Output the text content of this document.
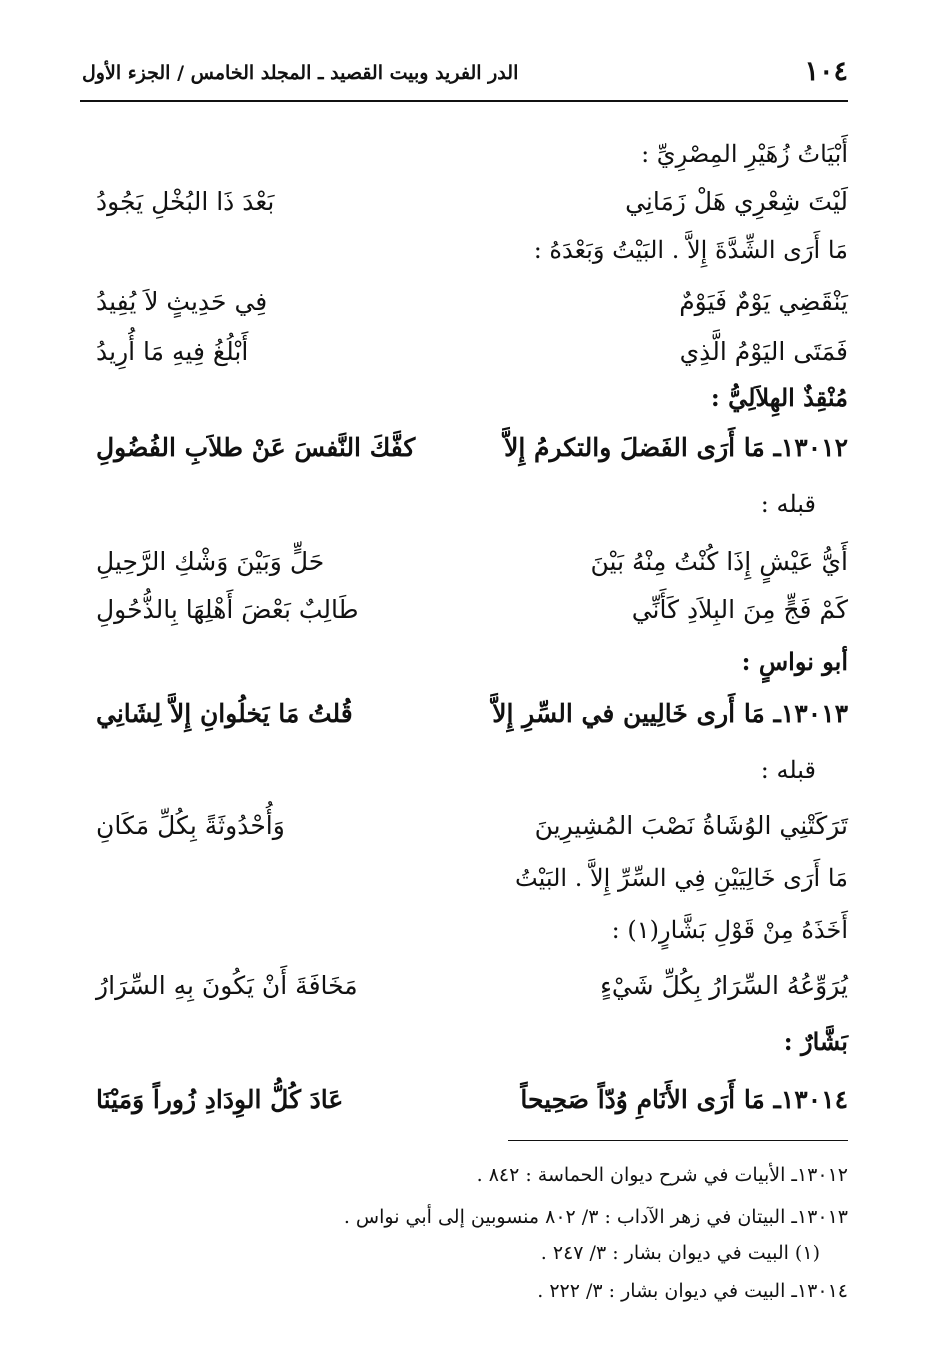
١٠٤
الدر الفريد وبيت القصيد ـ المجلد الخامس / الجزء الأول
أَبْيَاتُ زُهَيْرِ المِصْرِيِّ :
لَيْتَ شِعْرِي هَلْ زَمَانِي
بَعْدَ ذَا البُخْلِ يَجُودُ
مَا أَرَى الشِّدَّةَ إِلاَّ . البَيْتُ وَبَعْدَهُ :
يَنْقَضِي يَوْمٌ فَيَوْمٌ
فِي حَدِيثٍ لاَ يُفِيدُ
فَمَتَى اليَوْمُ الَّذِي
أَبْلُغُ فِيهِ مَا أُرِيدُ
مُنْقِذٌ الهِلاَلِيُّ :
١٣٠١٢ـ مَا أَرَى الفَضلَ والتكرمُ إِلاَّ
كفَّكَ النَّفسَ عَنْ طلاَبِ الفُضُولِ
قبله :
أَيُّ عَيْشٍ إِذَا كُنْتُ مِنْهُ بَيْنَ
حَلٍّ وَبَيْنَ وَشْكِ الرَّحِيلِ
كَمْ فَجٍّ مِنَ البِلاَدِ كَأَنِّي
طَالِبٌ بَعْضَ أَهْلِهَا بِالذُّحُولِ
أبو نواسٍ :
١٣٠١٣ـ مَا أَرى خَالِيين في السِّرِ إِلاَّ
قُلتُ مَا يَخلُوانِ إِلاَّ لِشَانِي
قبله :
تَرَكَتْنِي الوُشَاةُ نَصْبَ المُشِيرِينَ
وَأُحْدُوثَةً بِكُلِّ مَكَانِ
مَا أَرَى خَالِيَيْنِ فِي السِّرِّ إِلاَّ . البَيْتُ
أَخَذَهُ مِنْ قَوْلِ بَشَّارٍ(١) :
يُرَوِّعُهُ السِّرَارُ بِكُلِّ شَيْءٍ
مَخَافَةَ أَنْ يَكُونَ بِهِ السِّرَارُ
بَشَّارٌ :
١٣٠١٤ـ مَا أَرَى الأَنَامِ وُدّاً صَحِيحاً
عَادَ كُلُّ الوِدَادِ زُوراً وَمَيْنَا
١٣٠١٢ـ الأبيات في شرح ديوان الحماسة : ٨٤٢ .
١٣٠١٣ـ البيتان في زهر الآداب : ٣/ ٨٠٢ منسوبين إلى أبي نواس .
(١) البيت في ديوان بشار : ٣/ ٢٤٧ .
١٣٠١٤ـ البيت في ديوان بشار : ٣/ ٢٢٢ .
